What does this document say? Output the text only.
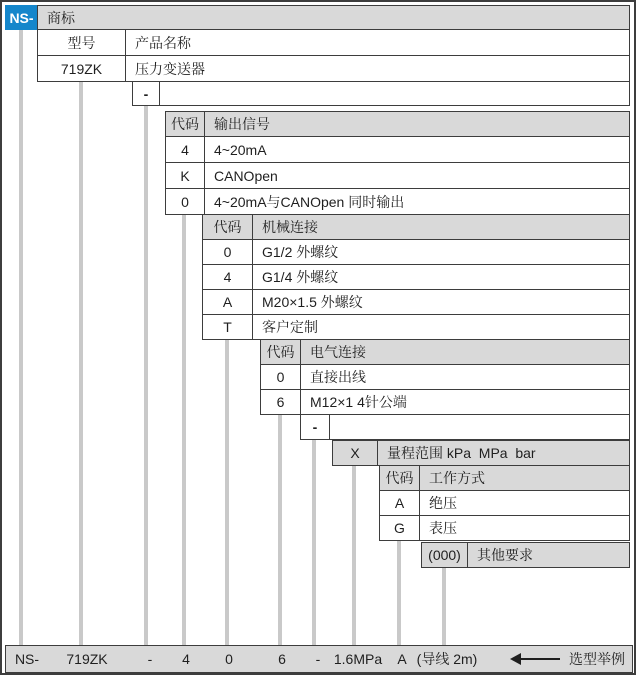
NS- 商标
型号	产品名称
719ZK	压力变送器
-
代码	输出信号
4	4~20mA
K	CANOpen
0	4~20mA与CANOpen 同时输出
代码	机械连接
0	G1/2 外螺纹
4	G1/4 外螺纹
A	M20×1.5 外螺纹
T	客户定制
代码	电气连接
0	直接出线
6	M12×1 4针公端
-
X	量程范围 kPa  MPa  bar
代码	工作方式
A	绝压
G	表压
(000)	其他要求
NS- 719ZK	- 4	0	6 - 1.6MPa A (导线 2m)	选型举例
